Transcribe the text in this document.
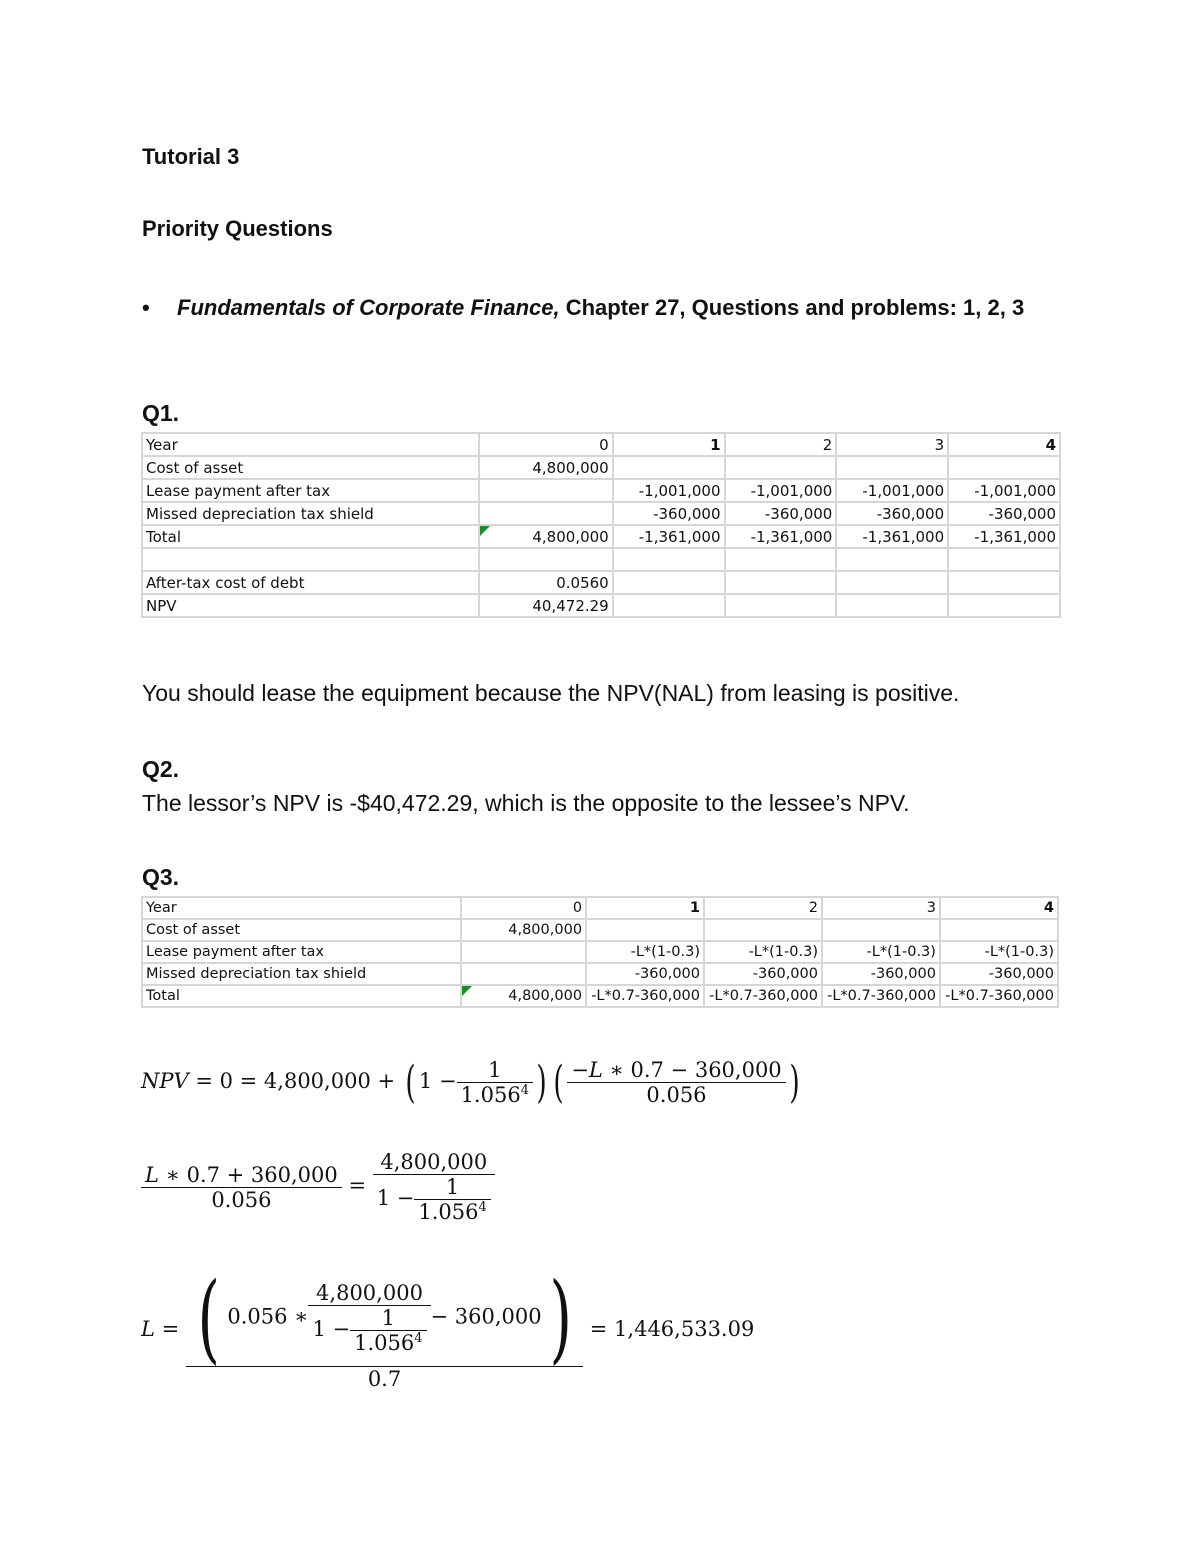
Tutorial 3
Priority Questions
• Fundamentals of Corporate Finance, Chapter 27, Questions and problems: 1, 2, 3
Q1.
Year	0	1	2	3	4
Cost of asset	4,800,000				
Lease payment after tax		-1,001,000	-1,001,000	-1,001,000	-1,001,000
Missed depreciation tax shield		-360,000	-360,000	-360,000	-360,000
Total	4,800,000	-1,361,000	-1,361,000	-1,361,000	-1,361,000

After-tax cost of debt	0.0560				
NPV	40,472.29				
You should lease the equipment because the NPV(NAL) from leasing is positive.
Q2.
The lessor’s NPV is -$40,472.29, which is the opposite to the lessee’s NPV.
Q3.
Year	0	1	2	3	4
Cost of asset	4,800,000				
Lease payment after tax		-L*(1-0.3)	-L*(1-0.3)	-L*(1-0.3)	-L*(1-0.3)
Missed depreciation tax shield		-360,000	-360,000	-360,000	-360,000
Total	4,800,000	-L*0.7-360,000	-L*0.7-360,000	-L*0.7-360,000	-L*0.7-360,000
NPV = 0 = 4,800,000 + ( $1 - \frac{1}{1.056^4}$ ) ( $\frac{-L ∗ 0.7 - 360,000}{0.056}$ )
$\frac{L ∗ 0.7 + 360,000}{0.056} = \frac{4,800,000}{1 - \frac{1}{1.056^4}}$
$L = \frac{( 0.056 ∗ \frac{4,800,000}{1 - \frac{1}{1.056^4}} - 360,000)}{0.7} = 1,446,533.09$
